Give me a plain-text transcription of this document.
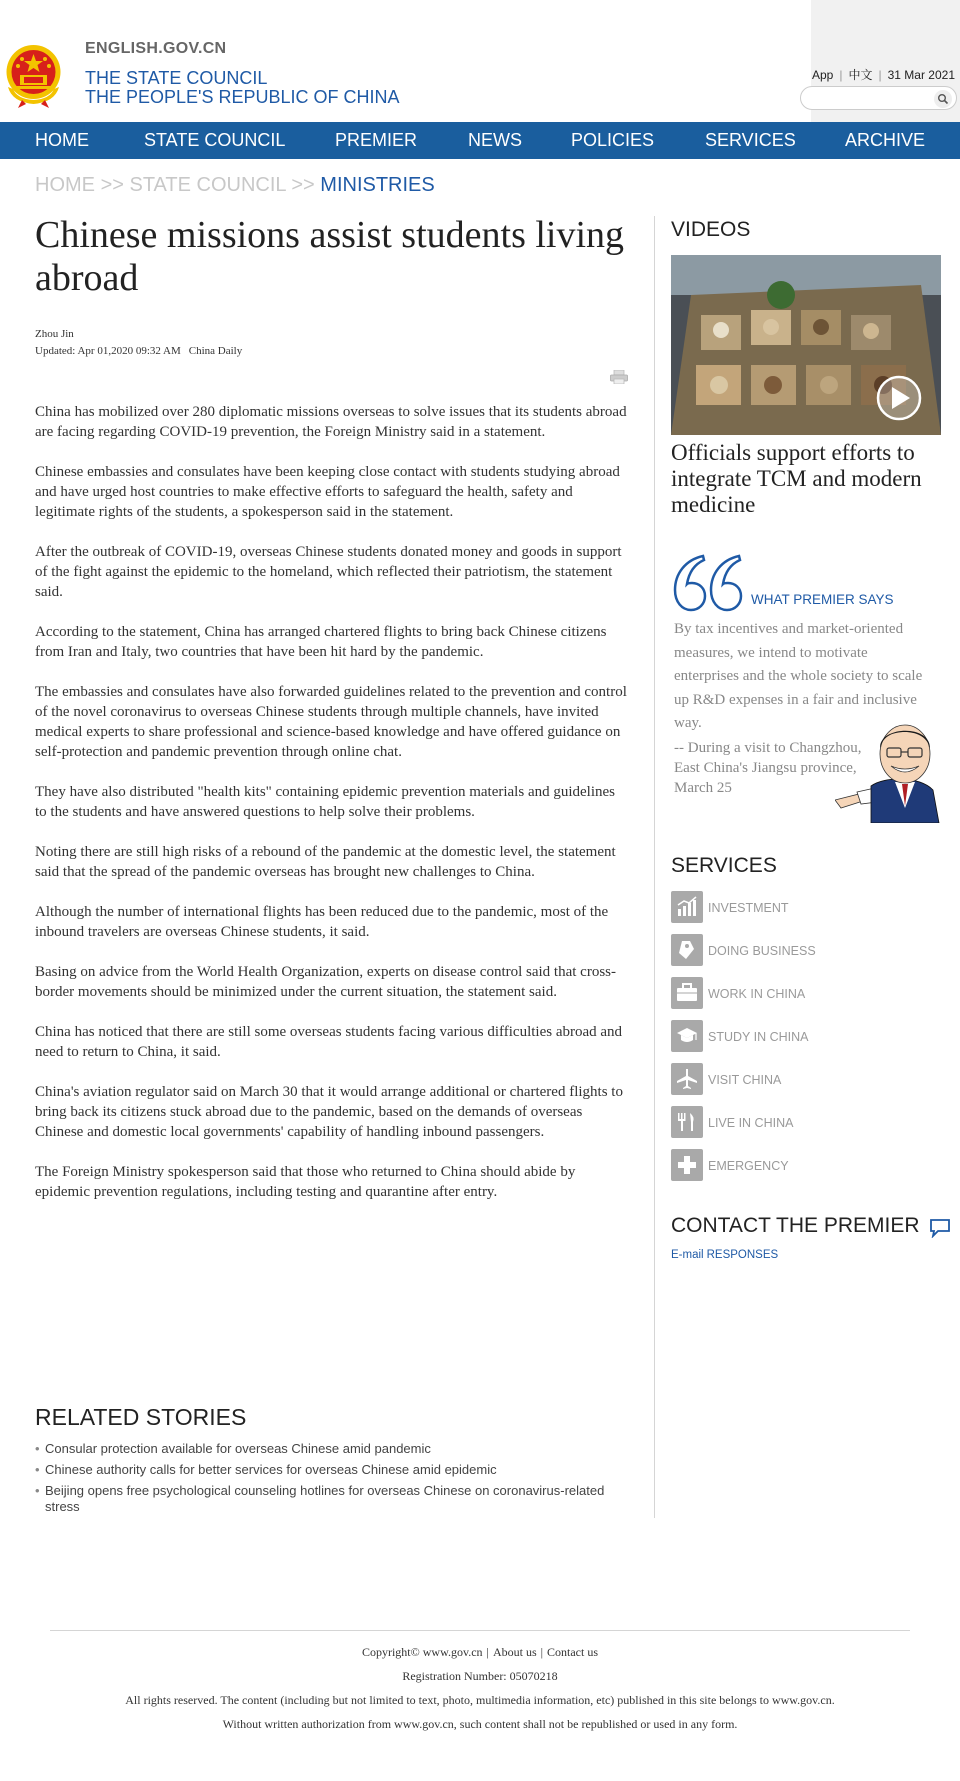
ENGLISH.GOV.CN
THE STATE COUNCIL
THE PEOPLE'S REPUBLIC OF CHINA
App | 中文 | 31 Mar 2021
HOME	STATE COUNCIL	PREMIER	NEWS	POLICIES	SERVICES	ARCHIVE
HOME >> STATE COUNCIL >> MINISTRIES
Chinese missions assist students living abroad
Zhou Jin
Updated: Apr 01,2020 09:32 AM China Daily

China has mobilized over 280 diplomatic missions overseas to solve issues that its students abroad are facing regarding COVID-19 prevention, the Foreign Ministry said in a statement.

Chinese embassies and consulates have been keeping close contact with students studying abroad and have urged host countries to make effective efforts to safeguard the health, safety and legitimate rights of the students, a spokesperson said in the statement.

After the outbreak of COVID-19, overseas Chinese students donated money and goods in support of the fight against the epidemic to the homeland, which reflected their patriotism, the statement said.

According to the statement, China has arranged chartered flights to bring back Chinese citizens from Iran and Italy, two countries that have been hit hard by the pandemic.

The embassies and consulates have also forwarded guidelines related to the prevention and control of the novel coronavirus to overseas Chinese students through multiple channels, have invited medical experts to share professional and science-based knowledge and have offered guidance on self-protection and pandemic prevention through online chat.

They have also distributed "health kits" containing epidemic prevention materials and guidelines to the students and have answered questions to help solve their problems.

Noting there are still high risks of a rebound of the pandemic at the domestic level, the statement said that the spread of the pandemic overseas has brought new challenges to China.

Although the number of international flights has been reduced due to the pandemic, most of the inbound travelers are overseas Chinese students, it said.

Basing on advice from the World Health Organization, experts on disease control said that cross-border movements should be minimized under the current situation, the statement said.

China has noticed that there are still some overseas students facing various difficulties abroad and need to return to China, it said.

China's aviation regulator said on March 30 that it would arrange additional or chartered flights to bring back its citizens stuck abroad due to the pandemic, based on the demands of overseas Chinese and domestic local governments' capability of handling inbound passengers.

The Foreign Ministry spokesperson said that those who returned to China should abide by epidemic prevention regulations, including testing and quarantine after entry.

RELATED STORIES
• Consular protection available for overseas Chinese amid pandemic
• Chinese authority calls for better services for overseas Chinese amid epidemic
• Beijing opens free psychological counseling hotlines for overseas Chinese on coronavirus-related stress
VIDEOS
Officials support efforts to integrate TCM and modern medicine
WHAT PREMIER SAYS
By tax incentives and market-oriented measures, we intend to motivate enterprises and the whole society to scale up R&D expenses in a fair and inclusive way.
-- During a visit to Changzhou, East China's Jiangsu province, March 25
SERVICES
INVESTMENT
DOING BUSINESS
WORK IN CHINA
STUDY IN CHINA
VISIT CHINA
LIVE IN CHINA
EMERGENCY
CONTACT THE PREMIER
E-mail RESPONSES
Copyright© www.gov.cn | About us | Contact us
Registration Number: 05070218
All rights reserved. The content (including but not limited to text, photo, multimedia information, etc) published in this site belongs to www.gov.cn.
Without written authorization from www.gov.cn, such content shall not be republished or used in any form.
